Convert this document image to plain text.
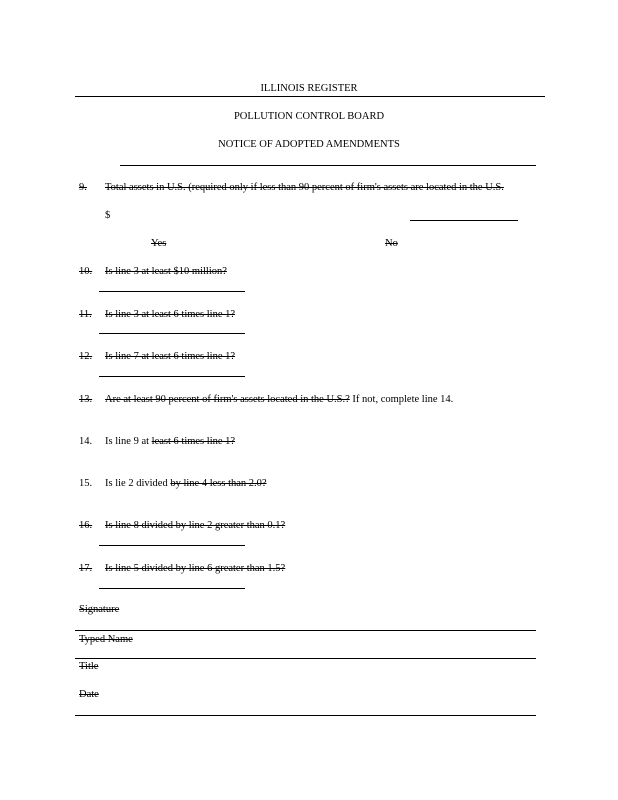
ILLINOIS REGISTER
POLLUTION CONTROL BOARD
NOTICE OF ADOPTED AMENDMENTS
9. Total assets in U.S. (required only if less than 90 percent of firm's assets are located in the U.S.
$
Yes	No
10. Is line 3 at least $10 million?
11. Is line 3 at least 6 times line 1?
12. Is line 7 at least 6 times line 1?
13. Are at least 90 percent of firm's assets located in the U.S.? If not, complete line 14.
14. Is line 9 at least 6 times line 1?
15. Is lie 2 divided by line 4 less than 2.0?
16. Is line 8 divided by line 2 greater than 0.1?
17. Is line 5 divided by line 6 greater than 1.5?
Signature
Typed Name
Title
Date
